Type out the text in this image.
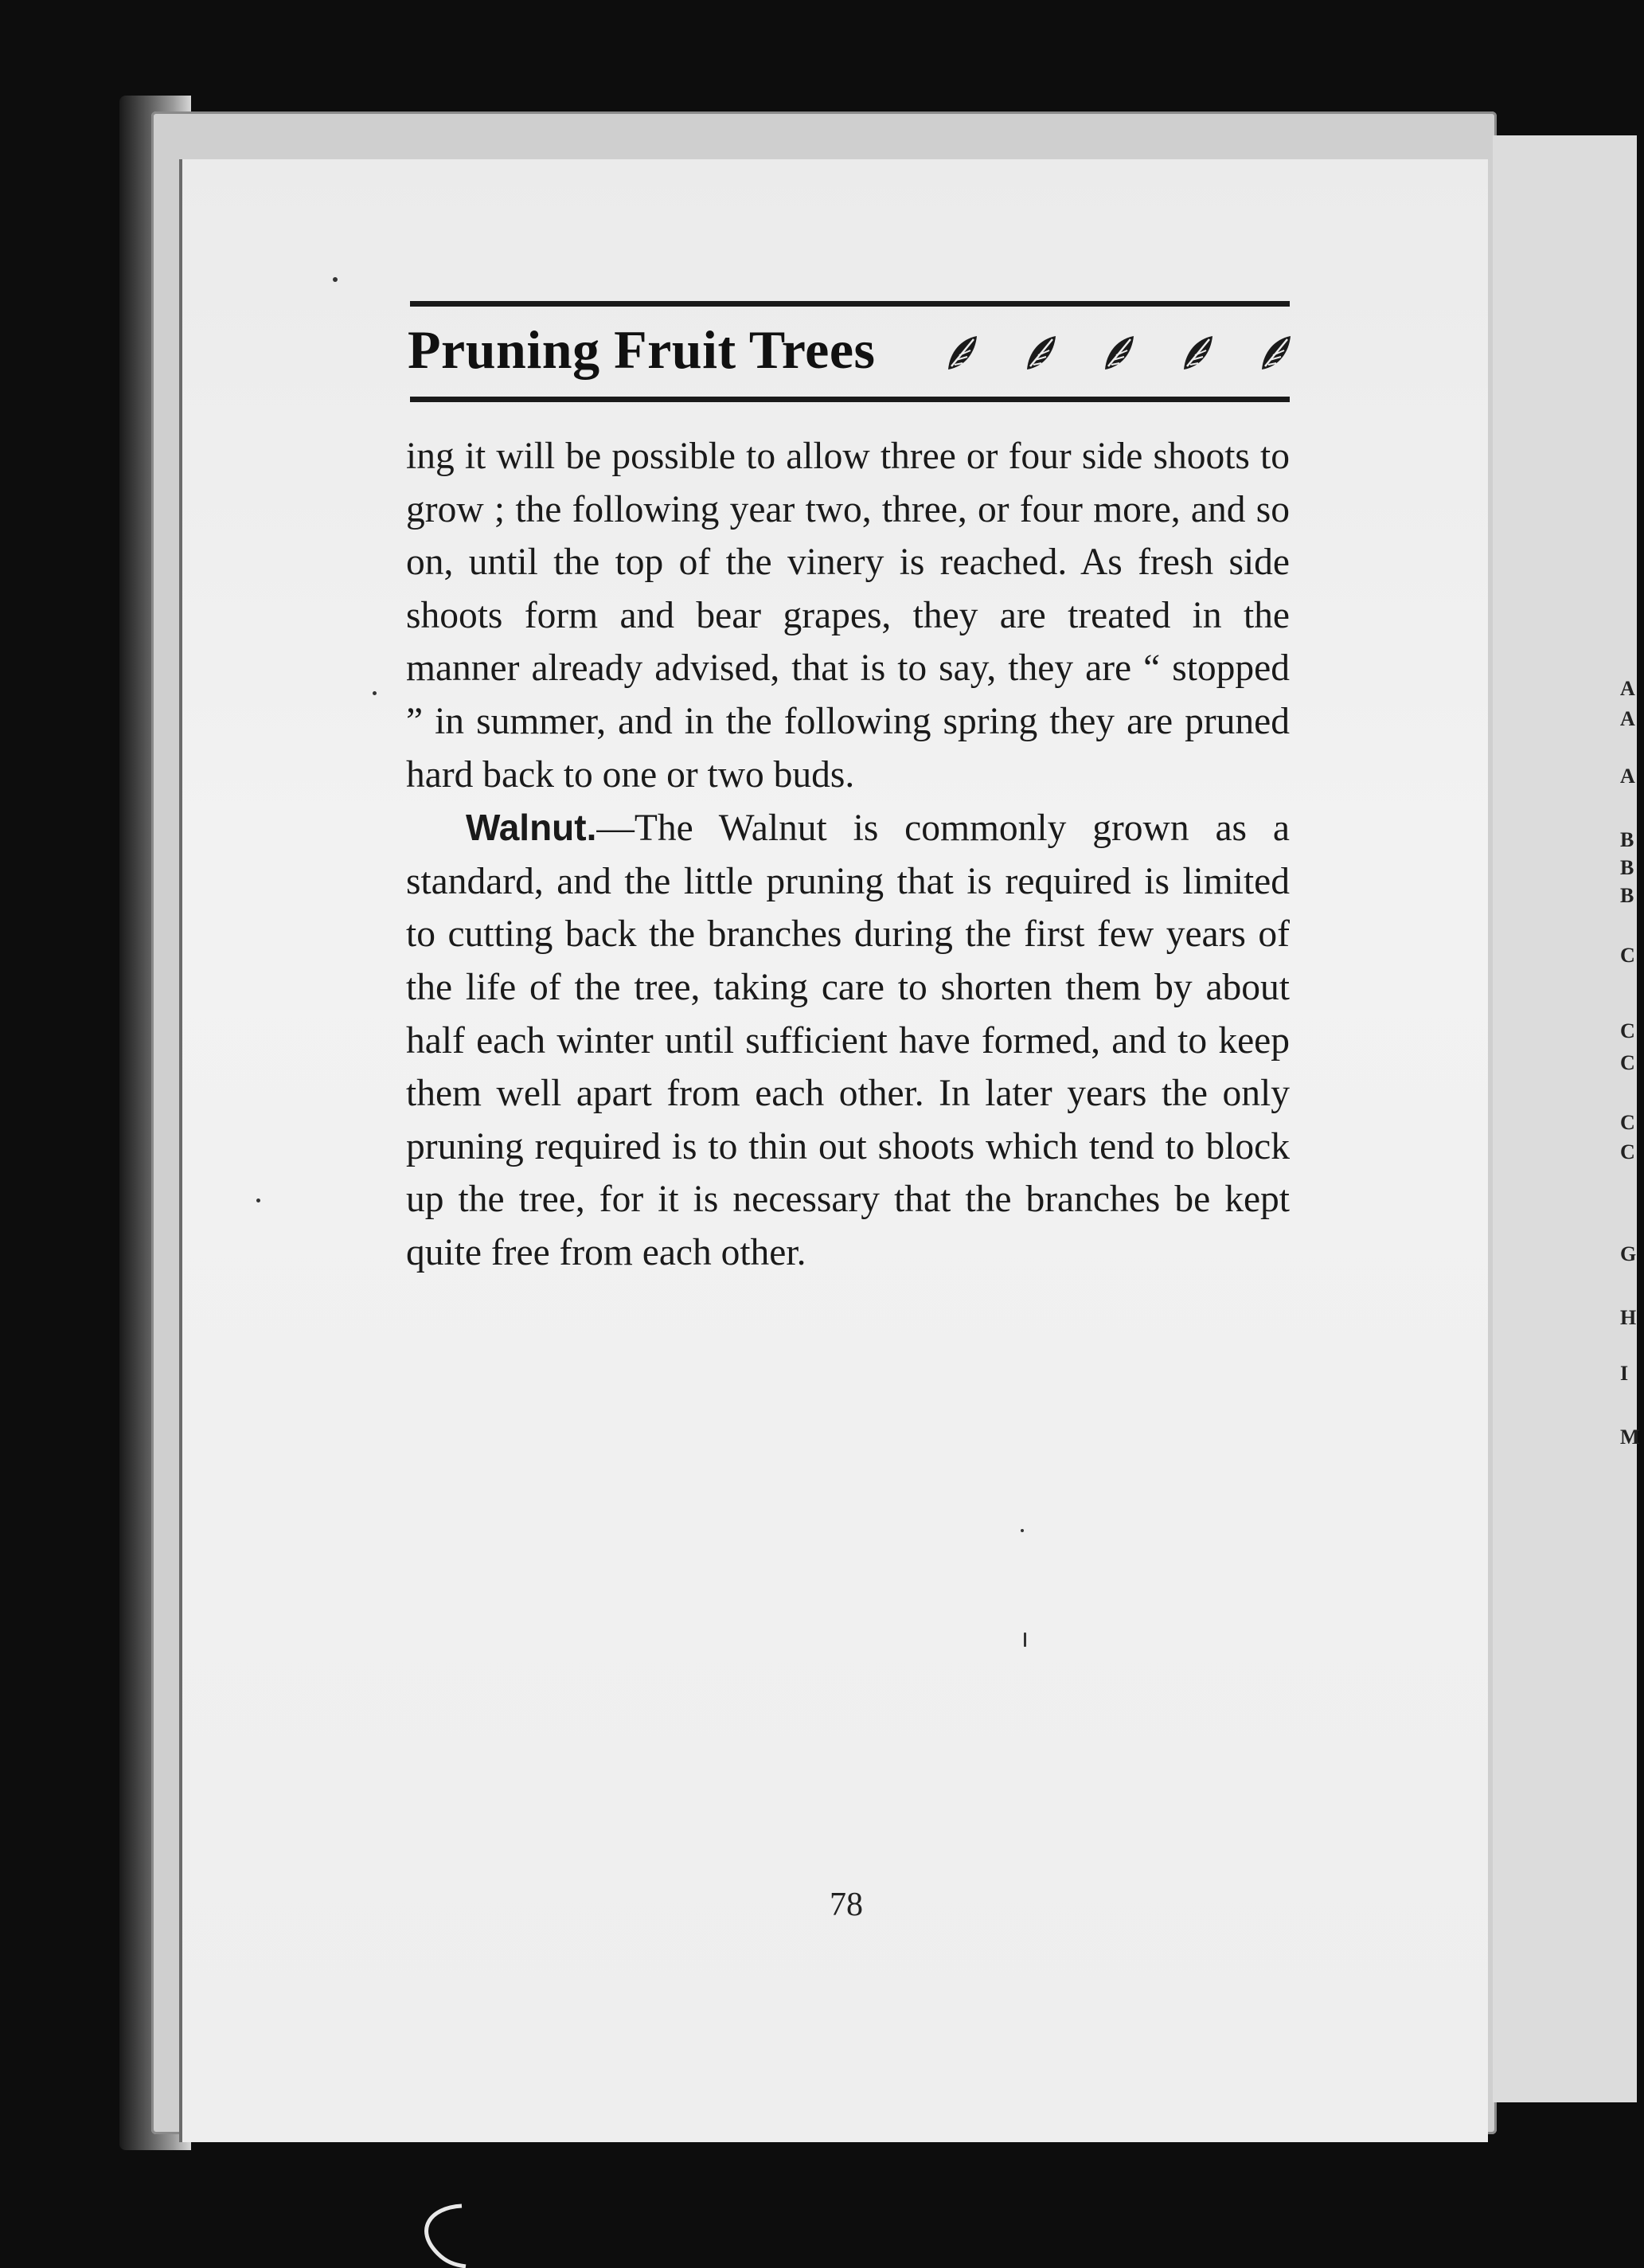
A
A
A
B
B
B
C
C
C
C
C
G
H
I
M
Pruning Fruit Trees

ing it will be possible to allow three or four side shoots to grow ; the following year two, three, or four more, and so on, until the top of the vinery is reached. As fresh side shoots form and bear grapes, they are treated in the manner already advised, that is to say, they are “ stopped ” in summer, and in the following spring they are pruned hard back to one or two buds.

Walnut.—The Walnut is commonly grown as a standard, and the little pruning that is required is limited to cutting back the branches during the first few years of the life of the tree, taking care to shorten them by about half each winter until sufficient have formed, and to keep them well apart from each other. In later years the only pruning required is to thin out shoots which tend to block up the tree, for it is necessary that the branches be kept quite free from each other.

78
